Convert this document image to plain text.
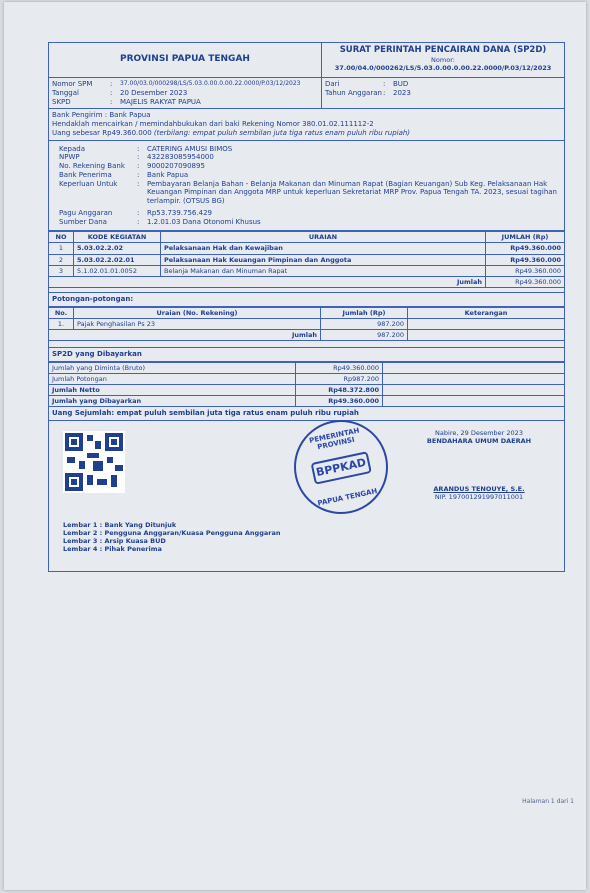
PROVINSI PAPUA TENGAH
SURAT PERINTAH PENCAIRAN DANA (SP2D)
Nomor:
37.00/04.0/000262/LS/5.03.0.00.0.00.22.0000/P.03/12/2023
Nomor SPM	:	37.00/03.0/000298/LS/5.03.0.00.0.00.22.0000/P.03/12/2023
Tanggal	:	20 Desember 2023
SKPD	:	MAJELIS RAKYAT PAPUA
Dari	:	BUD
Tahun Anggaran :	2023
Bank Pengirim : Bank Papua
Hendaklah mencairkan / memindahbukukan dari baki Rekening Nomor 380.01.02.111112-2
Uang sebesar Rp49.360.000 (terbilang: empat puluh sembilan juta tiga ratus enam puluh ribu rupiah)
Kepada	:	CATERING AMUSI BIMOS
NPWP	:	432283085954000
No. Rekening Bank	:	9000207090895
Bank Penerima	:	Bank Papua
Keperluan Untuk	:	Pembayaran Belanja Bahan - Belanja Makanan dan Minuman Rapat (Bagian Keuangan) Sub Keg. Pelaksanaan Hak Keuangan Pimpinan dan Anggota MRP untuk keperluan Sekretariat MRP Prov. Papua Tengah TA. 2023, sesuai tagihan terlampir. (OTSUS BG)
Pagu Anggaran	:	Rp53.739.756.429
Sumber Dana	:	1.2.01.03 Dana Otonomi Khusus
NO	KODE KEGIATAN	URAIAN	JUMLAH (Rp)
1	5.03.02.2.02	Pelaksanaan Hak dan Kewajiban	Rp49.360.000
2	5.03.02.2.02.01	Pelaksanaan Hak Keuangan Pimpinan dan Anggota	Rp49.360.000
3	5.1.02.01.01.0052	Belanja Makanan dan Minuman Rapat	Rp49.360.000
Jumlah			Rp49.360.000
Potongan-potongan:
No.	Uraian (No. Rekening)	Jumlah (Rp)	Keterangan
1.	Pajak Penghasilan Ps 23	987.200	
Jumlah		987.200	
SP2D yang Dibayarkan
Jumlah yang Diminta (Bruto)	Rp49.360.000	
Jumlah Potongan	Rp987.200	
Jumlah Netto	Rp48.372.800	
Jumlah yang Dibayarkan	Rp49.360.000	
Uang Sejumlah: empat puluh sembilan juta tiga ratus enam puluh ribu rupiah
Nabire, 29 Desember 2023
BENDAHARA UMUM DAERAH
ARANDUS TENOUYE, S.E.
NIP. 197001291997011001
Lembar 1 : Bank Yang Ditunjuk
Lembar 2 : Pengguna Anggaran/Kuasa Pengguna Anggaran
Lembar 3 : Arsip Kuasa BUD
Lembar 4 : Pihak Penerima
PEMERINTAH PROVINSI
BPPKAD
PAPUA TENGAH
Halaman 1 dari 1
